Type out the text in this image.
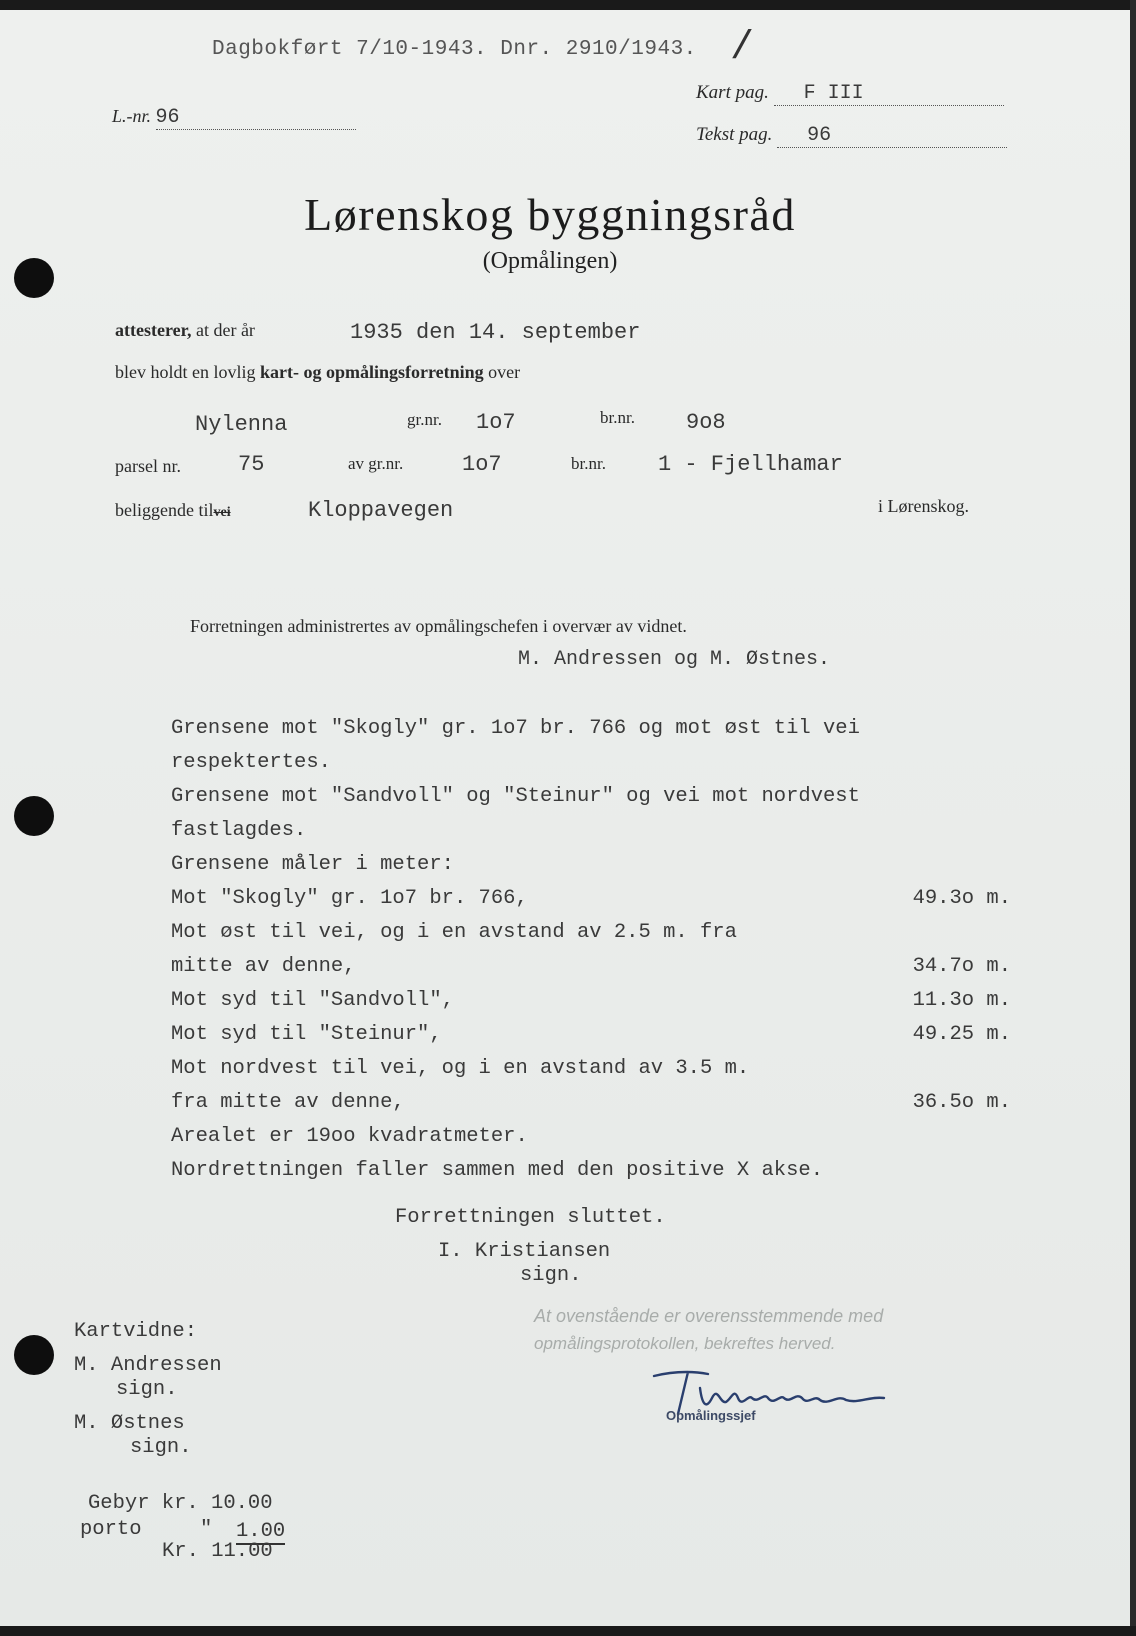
Dagbokført 7/10-1943. Dnr. 2910/1943. /
L.-nr. 96
Kart pag. F III
Tekst pag. 96
Lørenskog byggningsråd
(Opmålingen)
attesterer, at der år	1935 den 14. september
blev holdt en lovlig kart- og opmålingsforretning over
Nylenna	gr.nr. 1o7	br.nr. 9o8
parsel nr.	75	av gr.nr.	1o7	br.nr. 1 - Fjellhamar
beliggende tilvei	Kloppavegen	i Lørenskog.
Forretningen administrertes av opmålingschefen i overvær av vidnet.
M. Andressen og M. Østnes.
Grensene mot "Skogly" gr. 1o7 br. 766 og mot øst til vei
respektertes.
Grensene mot "Sandvoll" og "Steinur" og vei mot nordvest
fastlagdes.
Grensene måler i meter:
Mot "Skogly" gr. 1o7 br. 766,	49.3o m.
Mot øst til vei, og i en avstand av 2.5 m. fra
mitte av denne,	34.7o m.
Mot syd til "Sandvoll",	11.3o m.
Mot syd til "Steinur",	49.25 m.
Mot nordvest til vei, og i en avstand av 3.5 m.
fra mitte av denne,	36.5o m.
Arealet er 19oo kvadratmeter.
Nordrettningen faller sammen med den positive X akse.
Forrettningen sluttet.
I. Kristiansen
sign.
At ovenstående er overensstemmende med
opmålingsprotokollen, bekreftes herved.
Opmålingssjef
Kartvidne:
M. Andressen
sign.
M. Østnes
sign.
Gebyr kr. 10.00
porto	" 1.00
Kr. 11.00
